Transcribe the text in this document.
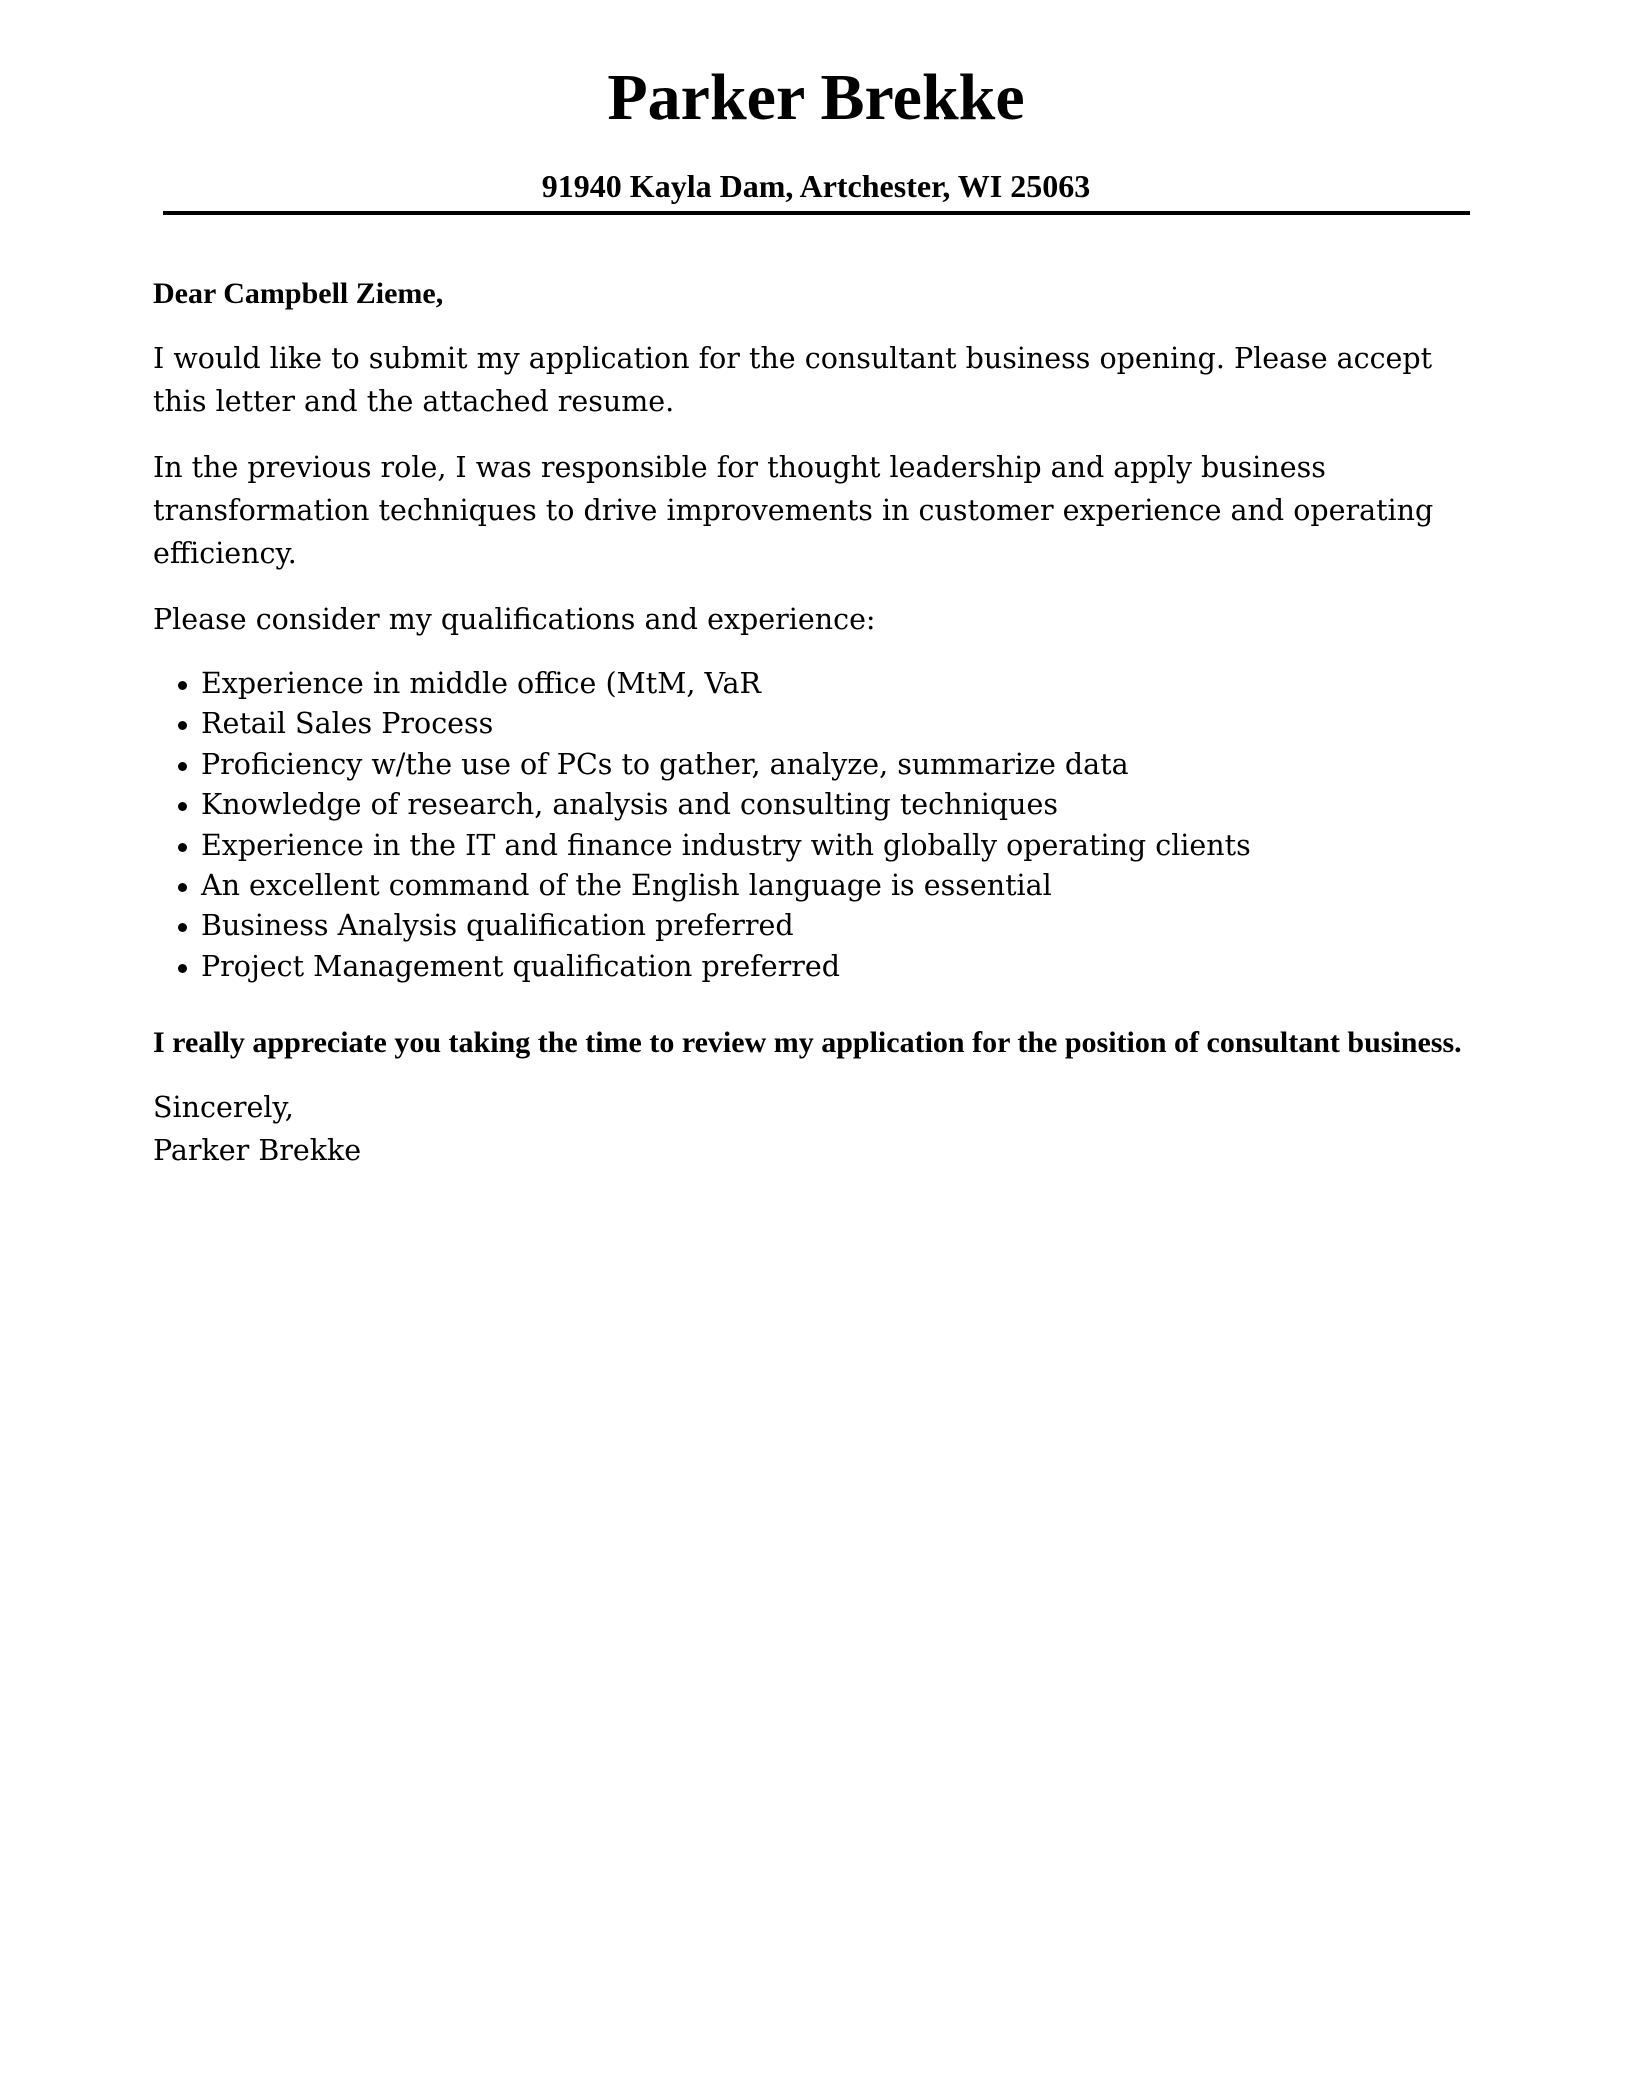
Parker Brekke
91940 Kayla Dam, Artchester, WI 25063

Dear Campbell Zieme,

I would like to submit my application for the consultant business opening. Please accept this letter and the attached resume.

In the previous role, I was responsible for thought leadership and apply business transformation techniques to drive improvements in customer experience and operating efficiency.

Please consider my qualifications and experience:

Experience in middle office (MtM, VaR
Retail Sales Process
Proficiency w/the use of PCs to gather, analyze, summarize data
Knowledge of research, analysis and consulting techniques
Experience in the IT and finance industry with globally operating clients
An excellent command of the English language is essential
Business Analysis qualification preferred
Project Management qualification preferred

I really appreciate you taking the time to review my application for the position of consultant business.

Sincerely,
Parker Brekke
